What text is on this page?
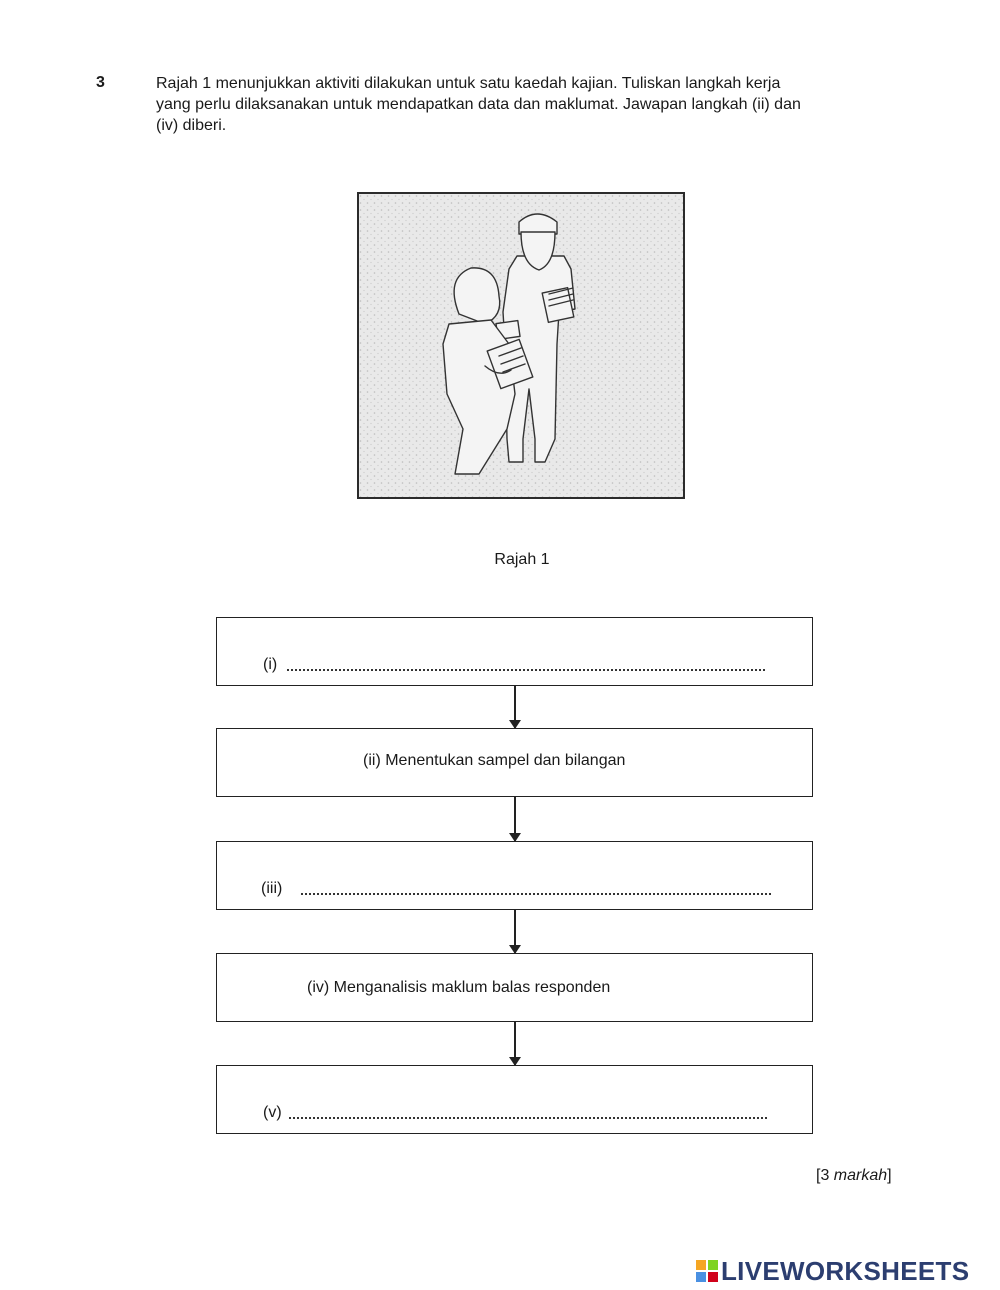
3	Rajah 1 menunjukkan aktiviti dilakukan untuk satu kaedah kajian. Tuliskan langkah kerja
yang perlu dilaksanakan untuk mendapatkan data dan maklumat. Jawapan langkah (ii) dan
(iv) diberi.
Rajah 1
(i)
(ii) Menentukan sampel dan bilangan
(iii)
(iv) Menganalisis maklum balas responden
(v)
[3 markah]
LIVEWORKSHEETS
